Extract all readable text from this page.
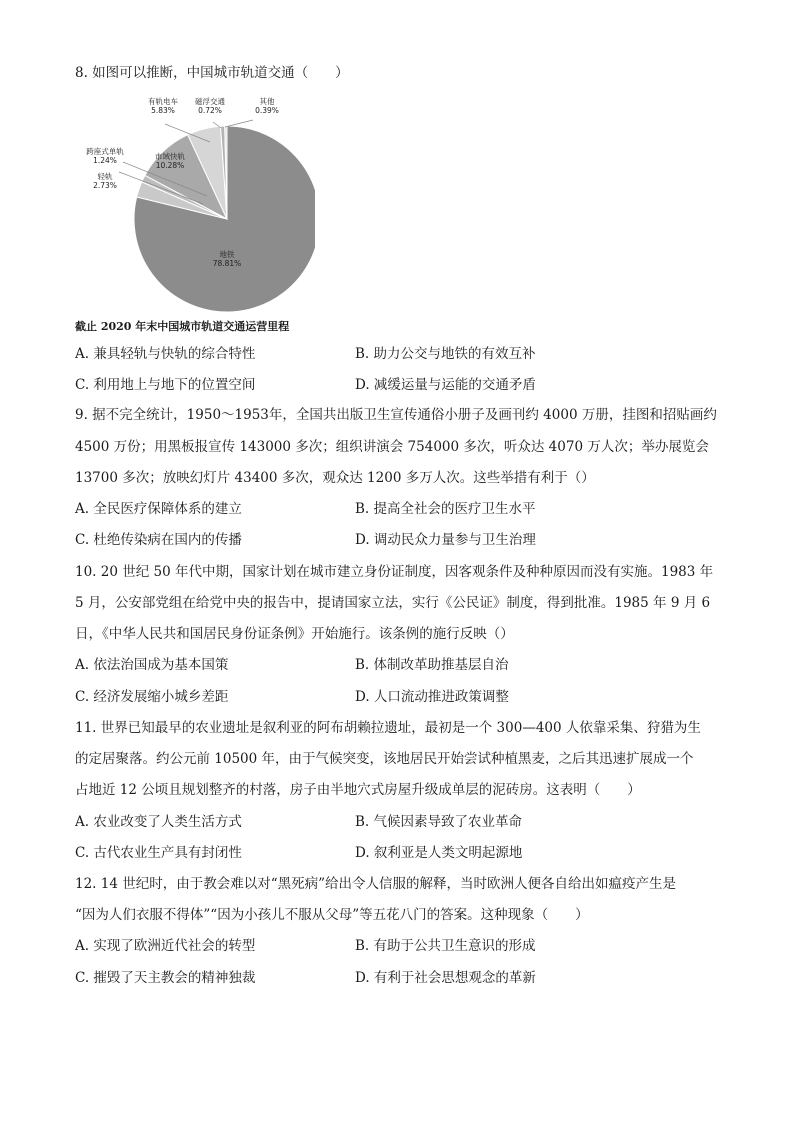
8. 如图可以推断，中国城市轨道交通（　　）
地铁
78.81%
轻轨
2.73%
跨座式单轨
1.24%	市域快轨
10.28%
有轨电车
5.83%
磁浮交通
0.72%
其他
0.39%
截止 2020 年末中国城市轨道交通运营里程
A. 兼具轻轨与快轨的综合特性	B. 助力公交与地铁的有效互补
C. 利用地上与地下的位置空间	D. 减缓运量与运能的交通矛盾
9. 据不完全统计，1950～1953年，全国共出版卫生宣传通俗小册子及画刊约 4000 万册，挂图和招贴画约
4500 万份；用黑板报宣传 143000 多次；组织讲演会 754000 多次，听众达 4070 万人次；举办展览会
13700 多次；放映幻灯片 43400 多次，观众达 1200 多万人次。这些举措有利于（）
A. 全民医疗保障体系的建立	B. 提高全社会的医疗卫生水平
C. 杜绝传染病在国内的传播	D. 调动民众力量参与卫生治理
10. 20 世纪 50 年代中期，国家计划在城市建立身份证制度，因客观条件及种种原因而没有实施。1983 年
5 月，公安部党组在给党中央的报告中，提请国家立法，实行《公民证》制度，得到批准。1985 年 9 月 6
日，《中华人民共和国居民身份证条例》开始施行。该条例的施行反映（）
A. 依法治国成为基本国策	B. 体制改革助推基层自治
C. 经济发展缩小城乡差距	D. 人口流动推进政策调整
11. 世界已知最早的农业遗址是叙利亚的阿布胡赖拉遗址，最初是一个 300—400 人依靠采集、狩猎为生
的定居聚落。约公元前 10500 年，由于气候突变，该地居民开始尝试种植黑麦，之后其迅速扩展成一个
占地近 12 公顷且规划整齐的村落，房子由半地穴式房屋升级成单层的泥砖房。这表明（　　）
A. 农业改变了人类生活方式	B. 气候因素导致了农业革命
C. 古代农业生产具有封闭性	D. 叙利亚是人类文明起源地
12. 14 世纪时，由于教会难以对“黑死病”给出令人信服的解释，当时欧洲人便各自给出如瘟疫产生是
“因为人们衣服不得体”“因为小孩儿不服从父母”等五花八门的答案。这种现象（　　）
A. 实现了欧洲近代社会的转型	B. 有助于公共卫生意识的形成
C. 摧毁了天主教会的精神独裁	D. 有利于社会思想观念的革新
